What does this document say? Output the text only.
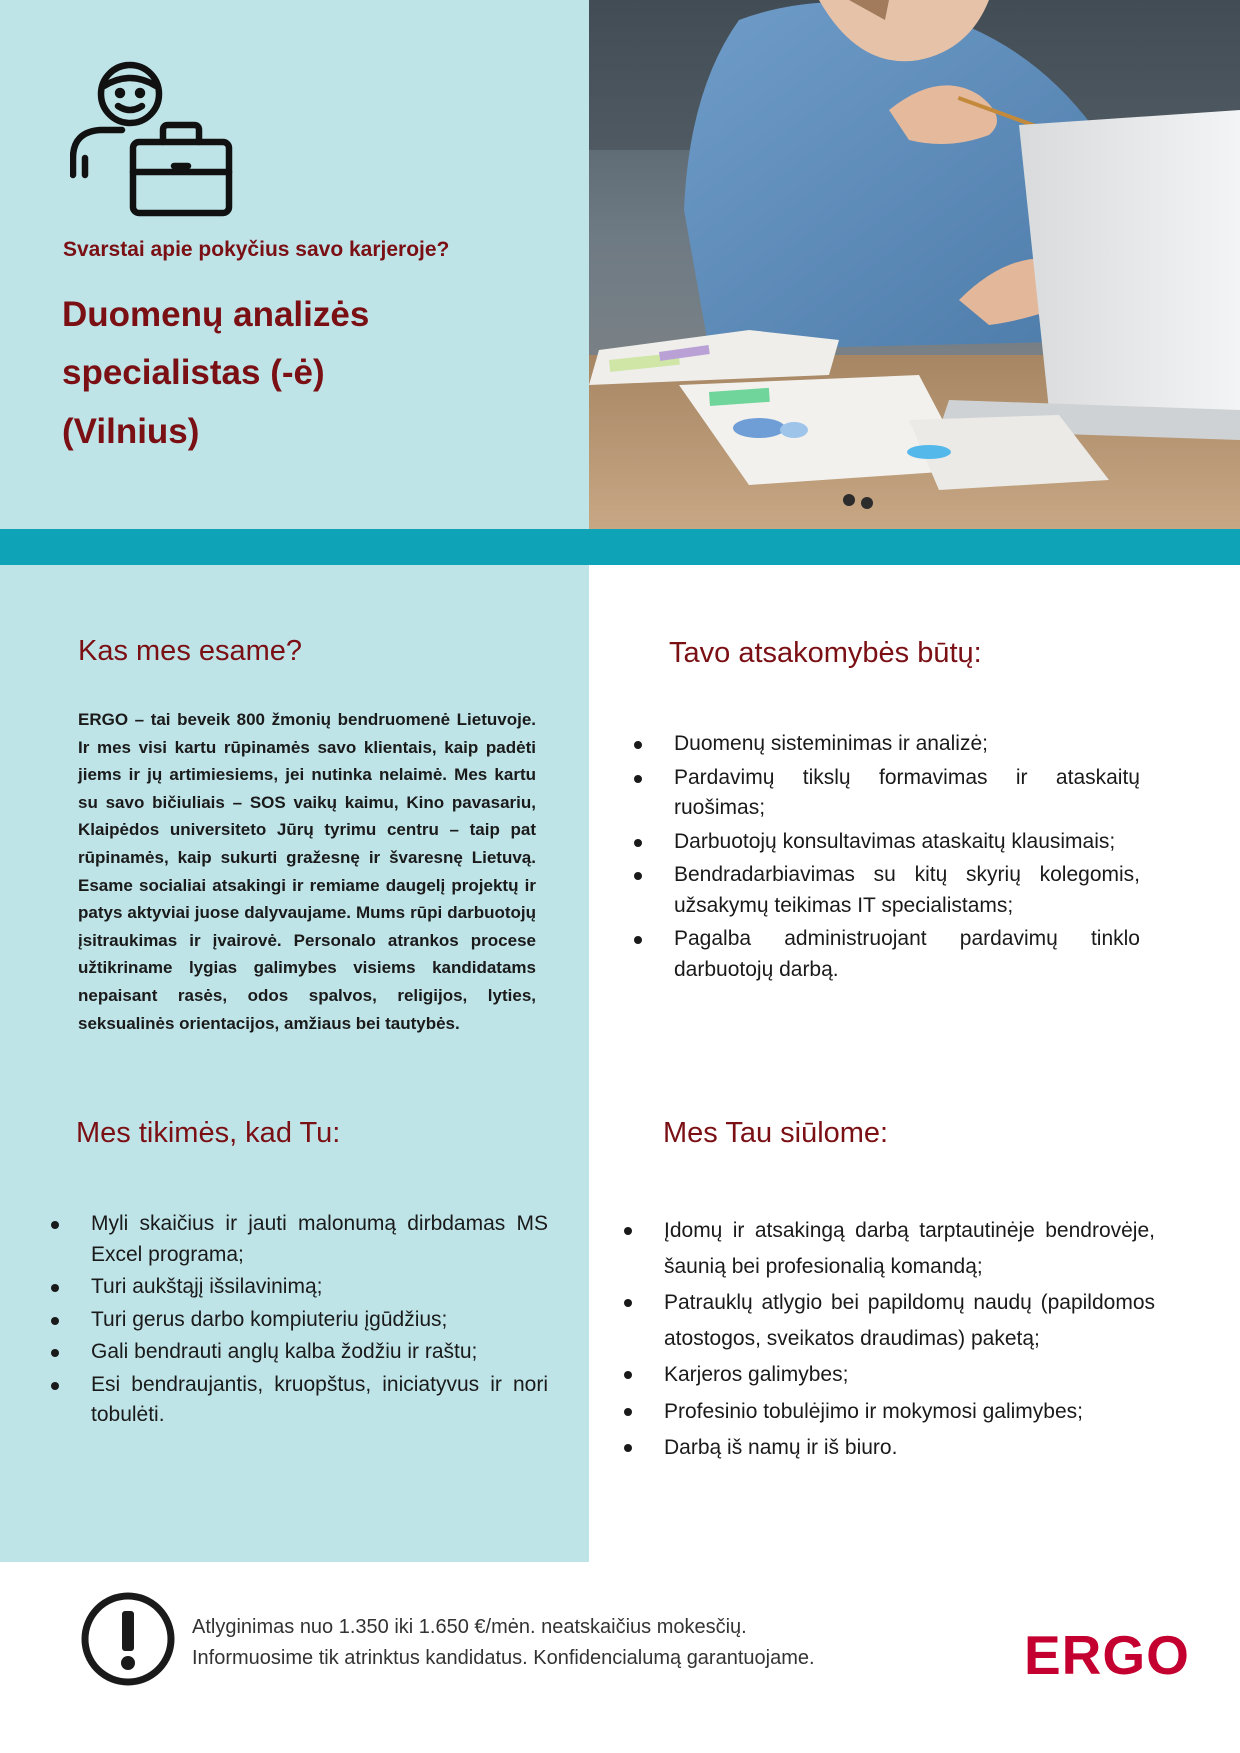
Svarstai apie pokyčius savo karjeroje?
Duomenų analizės specialistas (-ė)
(Vilnius)
Kas mes esame?
ERGO – tai beveik 800 žmonių bendruomenė Lietuvoje. Ir mes visi kartu rūpinamės savo klientais, kaip padėti jiems ir jų artimiesiems, jei nutinka nelaimė. Mes kartu su savo bičiuliais – SOS vaikų kaimu, Kino pavasariu, Klaipėdos universiteto Jūrų tyrimu centru – taip pat rūpinamės, kaip sukurti gražesnę ir švaresnę Lietuvą. Esame socialiai atsakingi ir remiame daugelį projektų ir patys aktyviai juose dalyvaujame. Mums rūpi darbuotojų įsitraukimas ir įvairovė. Personalo atrankos procese užtikriname lygias galimybes visiems kandidatams nepaisant rasės, odos spalvos, religijos, lyties, seksualinės orientacijos, amžiaus bei tautybės.
Tavo atsakomybės būtų:
Duomenų sisteminimas ir analizė;
Pardavimų tikslų formavimas ir ataskaitų ruošimas;
Darbuotojų konsultavimas ataskaitų klausimais;
Bendradarbiavimas su kitų skyrių kolegomis, užsakymų teikimas IT specialistams;
Pagalba administruojant pardavimų tinklo darbuotojų darbą.
Mes tikimės, kad Tu:
Myli skaičius ir jauti malonumą dirbdamas MS Excel programa;
Turi aukštąjį išsilavinimą;
Turi gerus darbo kompiuteriu įgūdžius;
Gali bendrauti anglų kalba žodžiu ir raštu;
Esi bendraujantis, kruopštus, iniciatyvus ir nori tobulėti.
Mes Tau siūlome:
Įdomų ir atsakingą darbą tarptautinėje bendrovėje, šaunią bei profesionalią komandą;
Patrauklų atlygio bei papildomų naudų (papildomos atostogos, sveikatos draudimas) paketą;
Karjeros galimybes;
Profesinio tobulėjimo ir mokymosi galimybes;
Darbą iš namų ir iš biuro.
Atlyginimas nuo 1.350 iki 1.650 €/mėn. neatskaičius mokesčių.
Informuosime tik atrinktus kandidatus. Konfidencialumą garantuojame.	ERGO
